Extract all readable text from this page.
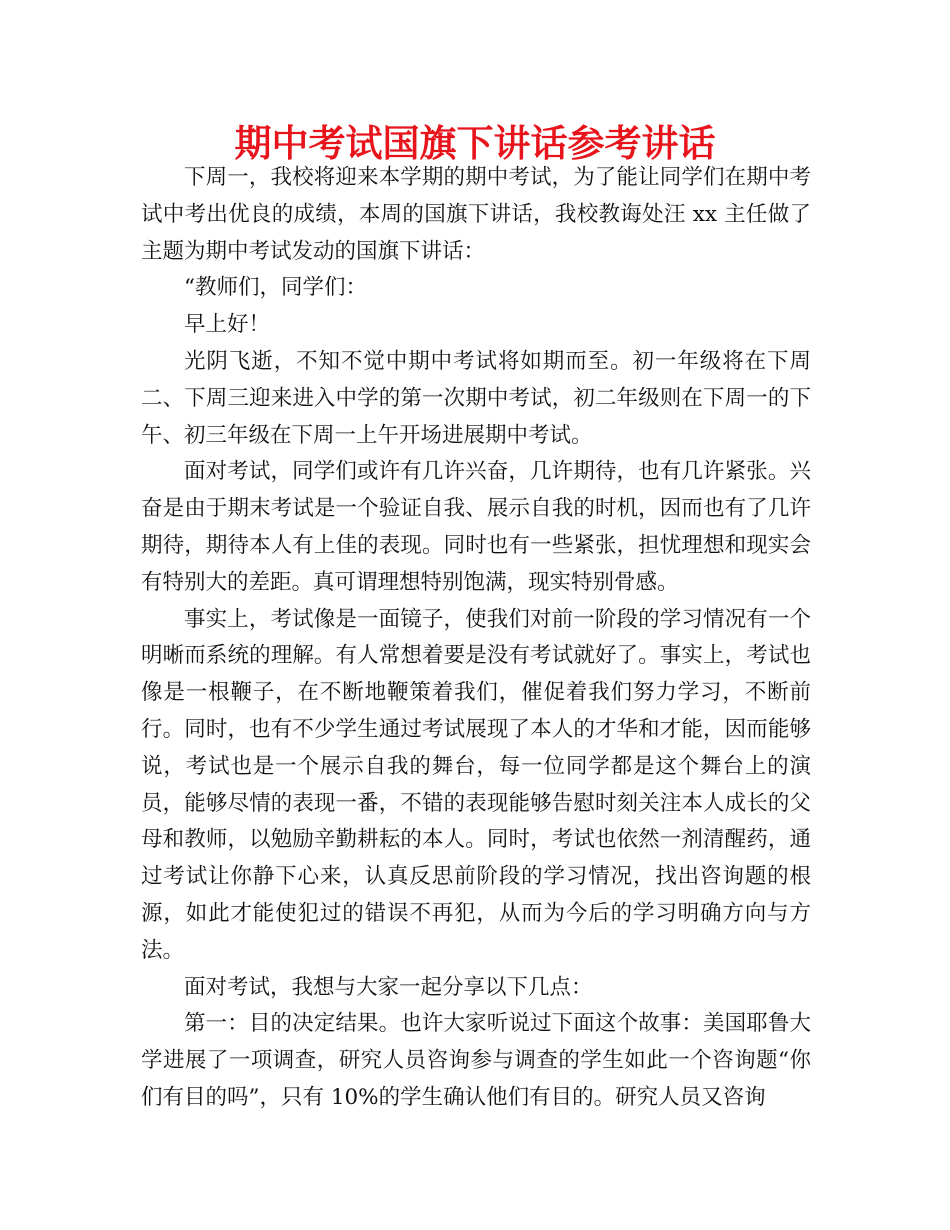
期中考试国旗下讲话参考讲话

下周一，我校将迎来本学期的期中考试，为了能让同学们在期中考试中考出优良的成绩，本周的国旗下讲话，我校教诲处汪 xx 主任做了主题为期中考试发动的国旗下讲话：

“教师们，同学们：

早上好！

光阴飞逝，不知不觉中期中考试将如期而至。初一年级将在下周二、下周三迎来进入中学的第一次期中考试，初二年级则在下周一的下午、初三年级在下周一上午开场进展期中考试。

面对考试，同学们或许有几许兴奋，几许期待，也有几许紧张。兴奋是由于期末考试是一个验证自我、展示自我的时机，因而也有了几许期待，期待本人有上佳的表现。同时也有一些紧张，担忧理想和现实会有特别大的差距。真可谓理想特别饱满，现实特别骨感。

事实上，考试像是一面镜子，使我们对前一阶段的学习情况有一个明晰而系统的理解。有人常想着要是没有考试就好了。事实上，考试也像是一根鞭子，在不断地鞭策着我们，催促着我们努力学习，不断前行。同时，也有不少学生通过考试展现了本人的才华和才能，因而能够说，考试也是一个展示自我的舞台，每一位同学都是这个舞台上的演员，能够尽情的表现一番，不错的表现能够告慰时刻关注本人成长的父母和教师，以勉励辛勤耕耘的本人。同时，考试也依然一剂清醒药，通过考试让你静下心来，认真反思前阶段的学习情况，找出咨询题的根源，如此才能使犯过的错误不再犯，从而为今后的学习明确方向与方法。

面对考试，我想与大家一起分享以下几点：

第一：目的决定结果。也许大家听说过下面这个故事：美国耶鲁大学进展了一项调查，研究人员咨询参与调查的学生如此一个咨询题“你们有目的吗”，只有 10%的学生确认他们有目的。研究人员又咨询
